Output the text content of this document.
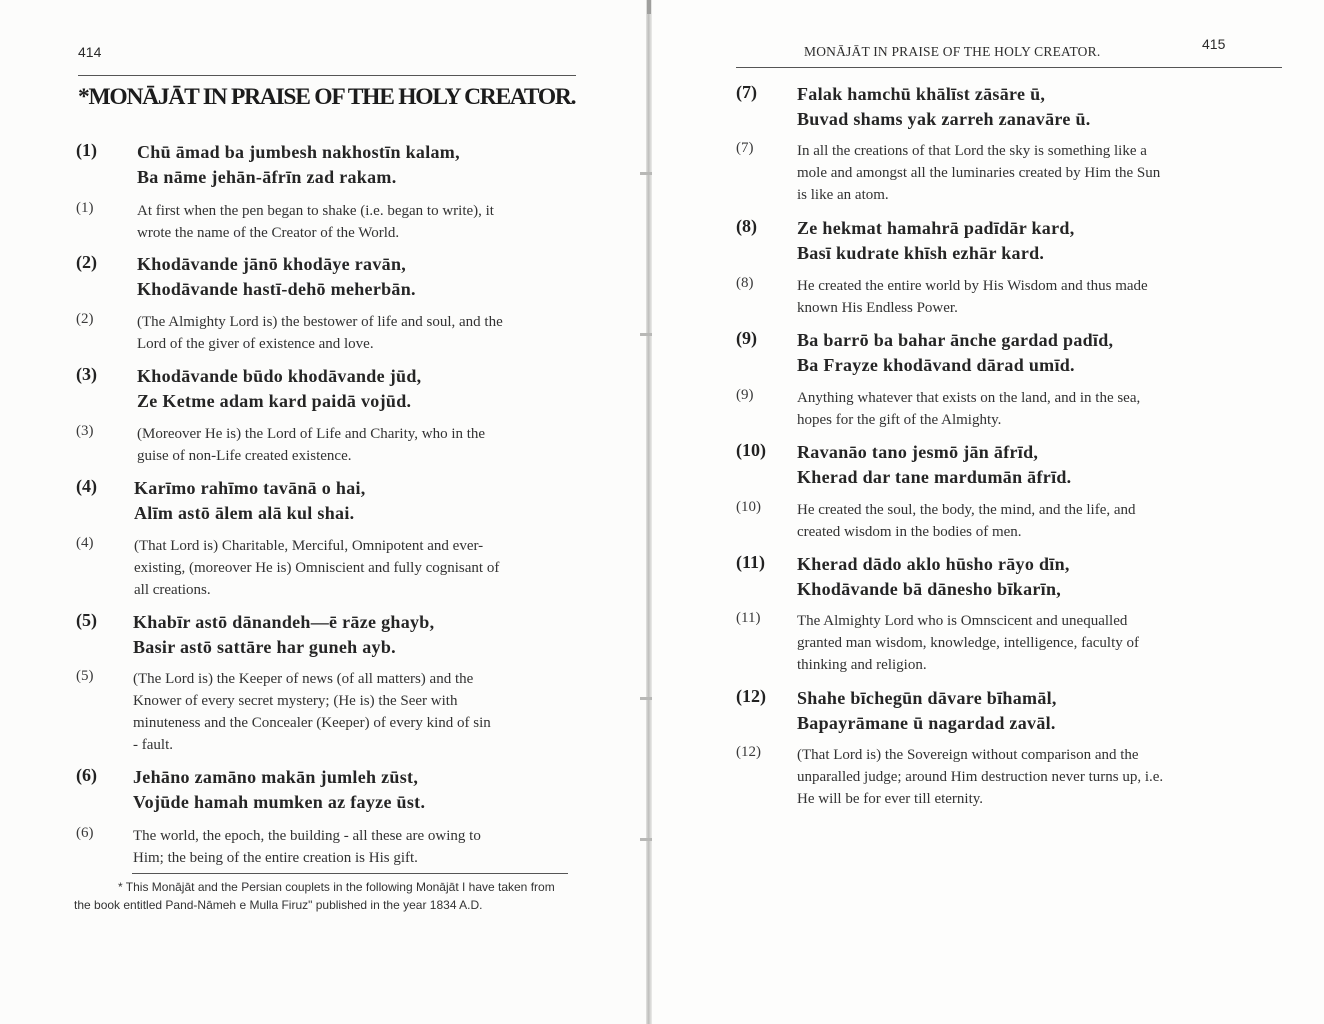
414
*MONĀJĀT IN PRAISE OF THE HOLY CREATOR.
(1) Chū āmad ba jumbesh nakhostīn kalam,
Ba nāme jehān-āfrīn zad rakam.
(1)	At first when the pen began to shake (i.e. began to write), it
wrote the name of the Creator of the World.
(2) Khodāvande jānō khodāye ravān,
Khodāvande hastī-dehō meherbān.
(2)	(The Almighty Lord is) the bestower of life and soul, and the
Lord of the giver of existence and love.
(3) Khodāvande būdo khodāvande jūd,
Ze Ketme adam kard paidā vojūd.
(3)	(Moreover He is) the Lord of Life and Charity, who in the
guise of non-Life created existence.
(4) Karīmo rahīmo tavānā o hai,
Alīm astō ālem alā kul shai.
(4)	(That Lord is) Charitable, Merciful, Omnipotent and ever-
existing, (moreover He is) Omniscient and fully cognisant of
all creations.
(5) Khabīr astō dānandeh—ē rāze ghayb,
Basir astō sattāre har guneh ayb.
(5)	(The Lord is) the Keeper of news (of all matters) and the
Knower of every secret mystery; (He is) the Seer with
minuteness and the Concealer (Keeper) of every kind of sin
- fault.
(6) Jehāno zamāno makān jumleh zūst,
Vojūde hamah mumken az fayze ūst.
(6)	The world, the epoch, the building - all these are owing to
Him; the being of the entire creation is His gift.
* This Monājāt and the Persian couplets in the following Monājāt I have taken from the book entitled Pand-Nāmeh e Mulla Firuz" published in the year 1834 A.D.
MONĀJĀT IN PRAISE OF THE HOLY CREATOR.	415
(7) Falak hamchū khālīst zāsāre ū,
Buvad shams yak zarreh zanavāre ū.
(7)	In all the creations of that Lord the sky is something like a
mole and amongst all the luminaries created by Him the Sun
is like an atom.
(8) Ze hekmat hamahrā padīdār kard,
Basī kudrate khīsh ezhār kard.
(8)	He created the entire world by His Wisdom and thus made
known His Endless Power.
(9) Ba barrō ba bahar ānche gardad padīd,
Ba Frayze khodāvand dārad umīd.
(9)	Anything whatever that exists on the land, and in the sea,
hopes for the gift of the Almighty.
(10) Ravanāo tano jesmō jān āfrīd,
Kherad dar tane mardumān āfrīd.
(10) He created the soul, the body, the mind, and the life, and
created wisdom in the bodies of men.
(11) Kherad dādo aklo hūsho rāyo dīn,
Khodāvande bā dānesho bīkarīn,
(11) The Almighty Lord who is Omnscicent and unequalled
granted man wisdom, knowledge, intelligence, faculty of
thinking and religion.
(12) Shahe bīchegūn dāvare bīhamāl,
Bapayrāmane ū nagardad zavāl.
(12) (That Lord is) the Sovereign without comparison and the
unparalled judge; around Him destruction never turns up, i.e.
He will be for ever till eternity.
